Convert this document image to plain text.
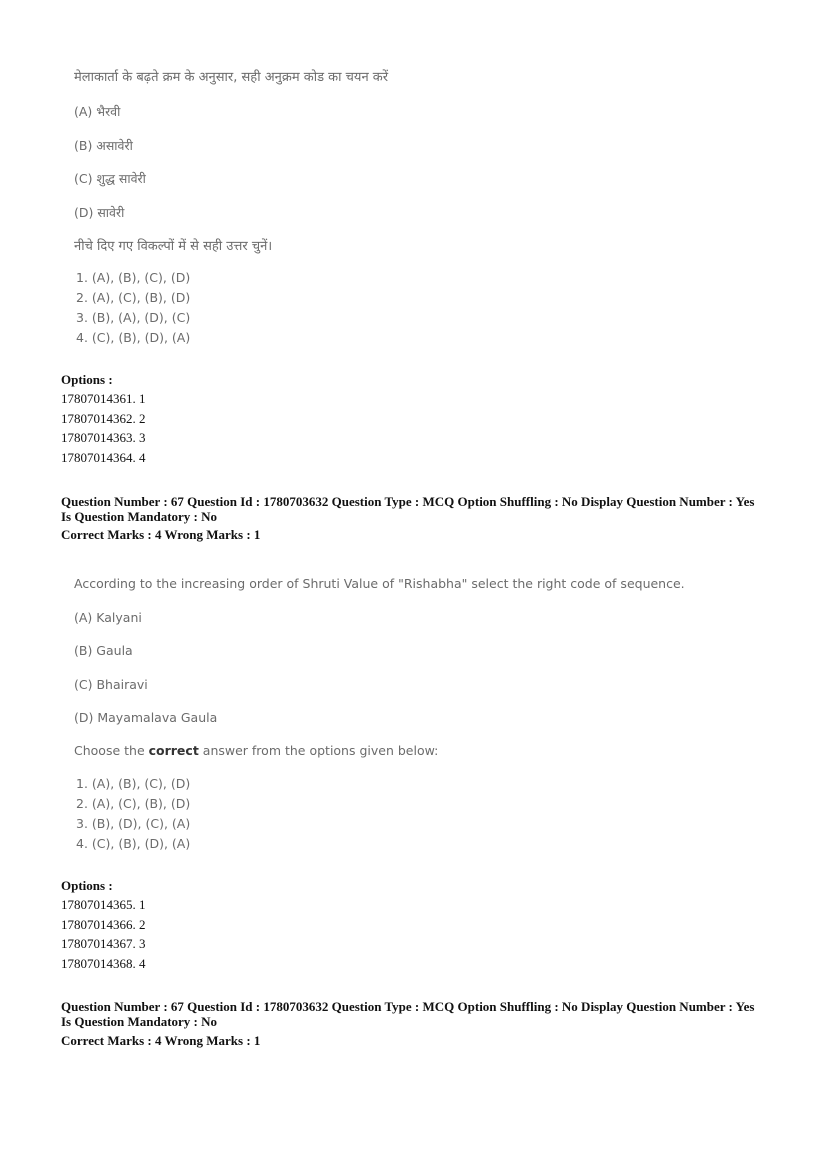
मेलाकार्ता के बढ़ते क्रम के अनुसार, सही अनुक्रम कोड का चयन करें
(A) भैरवी
(B) असावेरी
(C) शुद्ध सावेरी
(D) सावेरी
नीचे दिए गए विकल्पों में से सही उत्तर चुनें।
1. (A), (B), (C), (D)
2. (A), (C), (B), (D)
3. (B), (A), (D), (C)
4. (C), (B), (D), (A)
Options :
17807014361. 1
17807014362. 2
17807014363. 3
17807014364. 4
Question Number : 67 Question Id : 1780703632 Question Type : MCQ Option Shuffling : No Display Question Number : Yes
Is Question Mandatory : No
Correct Marks : 4 Wrong Marks : 1
According to the increasing order of Shruti Value of "Rishabha" select the right code of sequence.
(A) Kalyani
(B) Gaula
(C) Bhairavi
(D) Mayamalava Gaula
Choose the correct answer from the options given below:
1. (A), (B), (C), (D)
2. (A), (C), (B), (D)
3. (B), (D), (C), (A)
4. (C), (B), (D), (A)
Options :
17807014365. 1
17807014366. 2
17807014367. 3
17807014368. 4
Question Number : 67 Question Id : 1780703632 Question Type : MCQ Option Shuffling : No Display Question Number : Yes
Is Question Mandatory : No
Correct Marks : 4 Wrong Marks : 1
